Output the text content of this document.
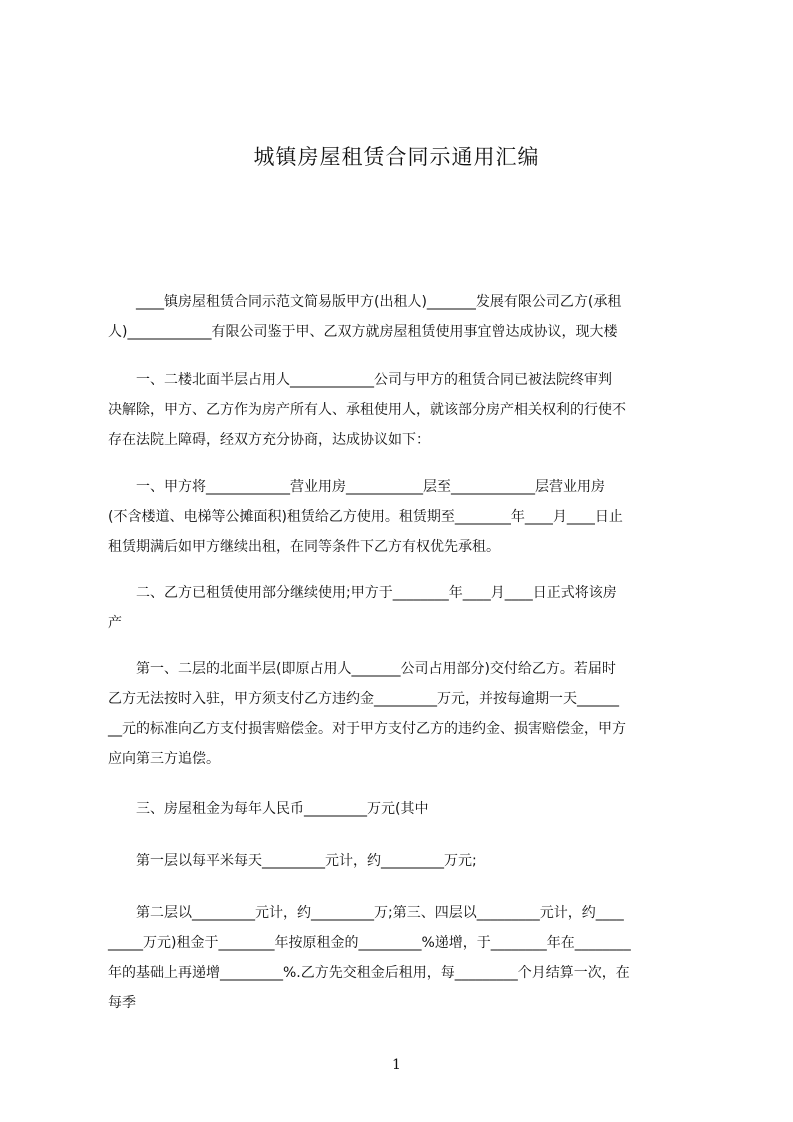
城镇房屋租赁合同示通用汇编
　　____镇房屋租赁合同示范文简易版甲方(出租人)_______发展有限公司乙方(承租
人)____________有限公司鉴于甲、乙双方就房屋租赁使用事宜曾达成协议，现大楼
　　一、二楼北面半层占用人____________公司与甲方的租赁合同已被法院终审判
决解除，甲方、乙方作为房产所有人、承租使用人，就该部分房产相关权利的行使不
存在法院上障碍，经双方充分协商，达成协议如下：
　　一、甲方将____________营业用房___________层至____________层营业用房
(不含楼道、电梯等公摊面积)租赁给乙方使用。租赁期至________年____月____日止
租赁期满后如甲方继续出租，在同等条件下乙方有权优先承租。
　　二、乙方已租赁使用部分继续使用;甲方于________年____月____日正式将该房
产
　　第一、二层的北面半层(即原占用人_______公司占用部分)交付给乙方。若届时
乙方无法按时入驻，甲方须支付乙方违约金_________万元，并按每逾期一天______
__元的标准向乙方支付损害赔偿金。对于甲方支付乙方的违约金、损害赔偿金，甲方
应向第三方追偿。
　　三、房屋租金为每年人民币_________万元(其中
　　第一层以每平米每天_________元计，约_________万元;
　　第二层以_________元计，约_________万;第三、四层以_________元计，约____
_____万元)租金于________年按原租金的_________%递增，于________年在________
年的基础上再递增_________%.乙方先交租金后租用，每_________个月结算一次，在
每季
1
